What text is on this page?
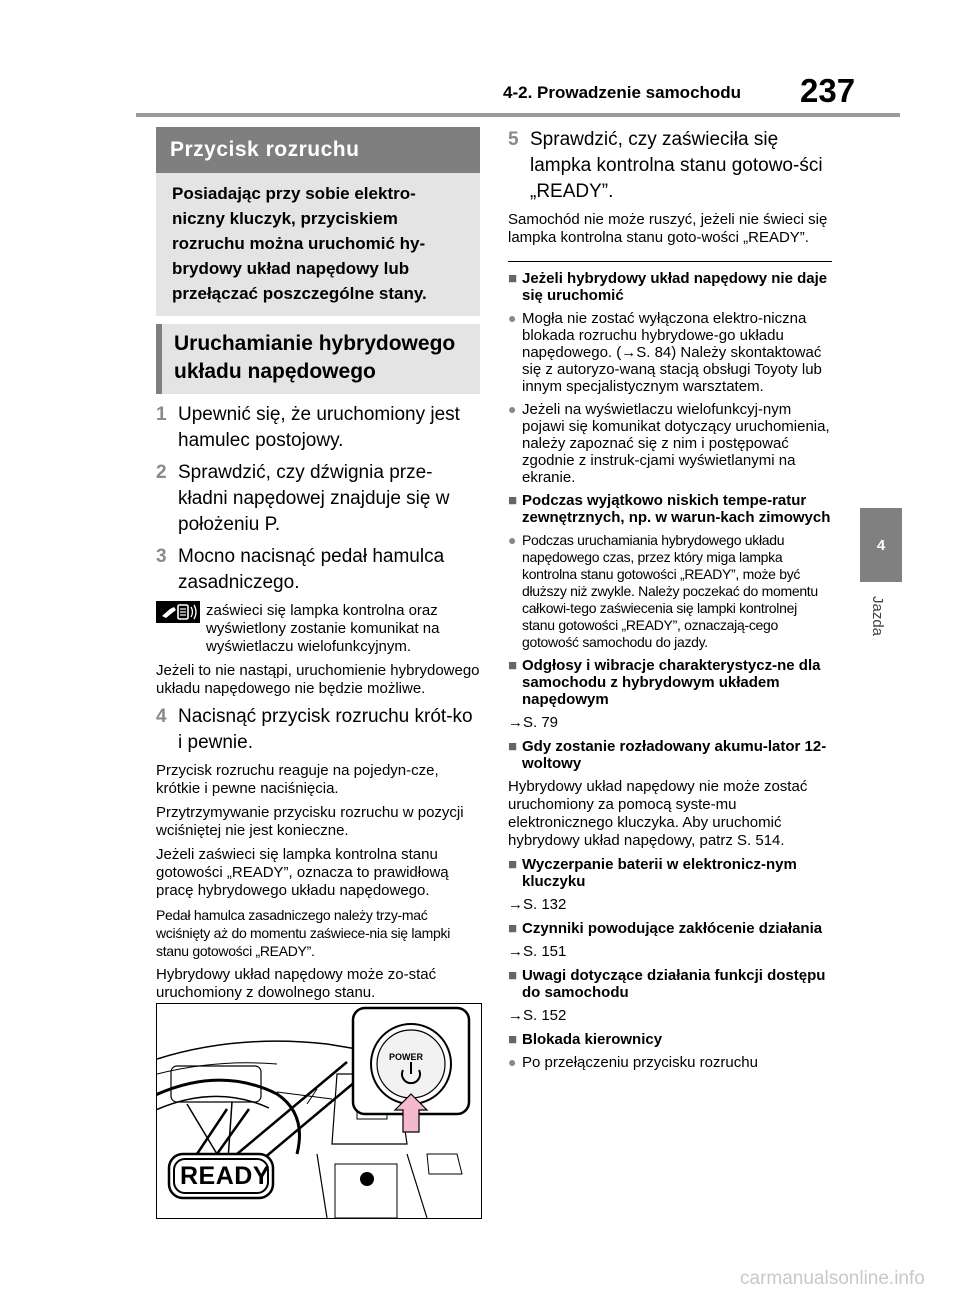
4-2. Prowadzenie samochodu 237
4
Jazda
Przycisk rozruchu
Posiadając przy sobie elektro-niczny kluczyk, przyciskiem rozruchu można uruchomić hy-brydowy układ napędowy lub przełączać poszczególne stany.
Uruchamianie hybrydowego układu napędowego
1 Upewnić się, że uruchomiony jest hamulec postojowy.
2 Sprawdzić, czy dźwignia prze-kładni napędowej znajduje się w położeniu P.
3 Mocno nacisnąć pedał hamulca zasadniczego.
zaświeci się lampka kontrolna oraz wyświetlony zostanie komunikat na wyświetlaczu wielofunkcyjnym.
Jeżeli to nie nastąpi, uruchomienie hybrydowego układu napędowego nie będzie możliwe.
4 Nacisnąć przycisk rozruchu krót-ko i pewnie.
Przycisk rozruchu reaguje na pojedyn-cze, krótkie i pewne naciśnięcia.
Przytrzymywanie przycisku rozruchu w pozycji wciśniętej nie jest konieczne.
Jeżeli zaświeci się lampka kontrolna stanu gotowości „READY”, oznacza to prawidłową pracę hybrydowego układu napędowego.
Pedał hamulca zasadniczego należy trzy-mać wciśnięty aż do momentu zaświece-nia się lampki stanu gotowości „READY”.
Hybrydowy układ napędowy może zo-stać uruchomiony z dowolnego stanu.
POWER
READY
5 Sprawdzić, czy zaświeciła się lampka kontrolna stanu gotowo-ści „READY”.
Samochód nie może ruszyć, jeżeli nie świeci się lampka kontrolna stanu goto-wości „READY”.
■ Jeżeli hybrydowy układ napędowy nie daje się uruchomić
● Mogła nie zostać wyłączona elektro-niczna blokada rozruchu hybrydowe-go układu napędowego. (→S. 84) Należy skontaktować się z autoryzo-waną stacją obsługi Toyoty lub innym specjalistycznym warsztatem.
● Jeżeli na wyświetlaczu wielofunkcyj-nym pojawi się komunikat dotyczący uruchomienia, należy zapoznać się z nim i postępować zgodnie z instruk-cjami wyświetlanymi na ekranie.
■ Podczas wyjątkowo niskich tempe-ratur zewnętrznych, np. w warun-kach zimowych
● Podczas uruchamiania hybrydowego układu napędowego czas, przez który miga lampka kontrolna stanu gotowości „READY”, może być dłuższy niż zwykle. Należy poczekać do momentu całkowi-tego zaświecenia się lampki kontrolnej stanu gotowości „READY”, oznaczają-cego gotowość samochodu do jazdy.
■ Odgłosy i wibracje charakterystycz-ne dla samochodu z hybrydowym układem napędowym
→S. 79
■ Gdy zostanie rozładowany akumu-lator 12-woltowy
Hybrydowy układ napędowy nie może zostać uruchomiony za pomocą syste-mu elektronicznego kluczyka. Aby uruchomić hybrydowy układ napędowy, patrz S. 514.
■ Wyczerpanie baterii w elektronicz-nym kluczyku
→S. 132
■ Czynniki powodujące zakłócenie działania
→S. 151
■ Uwagi dotyczące działania funkcji dostępu do samochodu
→S. 152
■ Blokada kierownicy
● Po przełączeniu przycisku rozruchu
carmanualsonline.info
